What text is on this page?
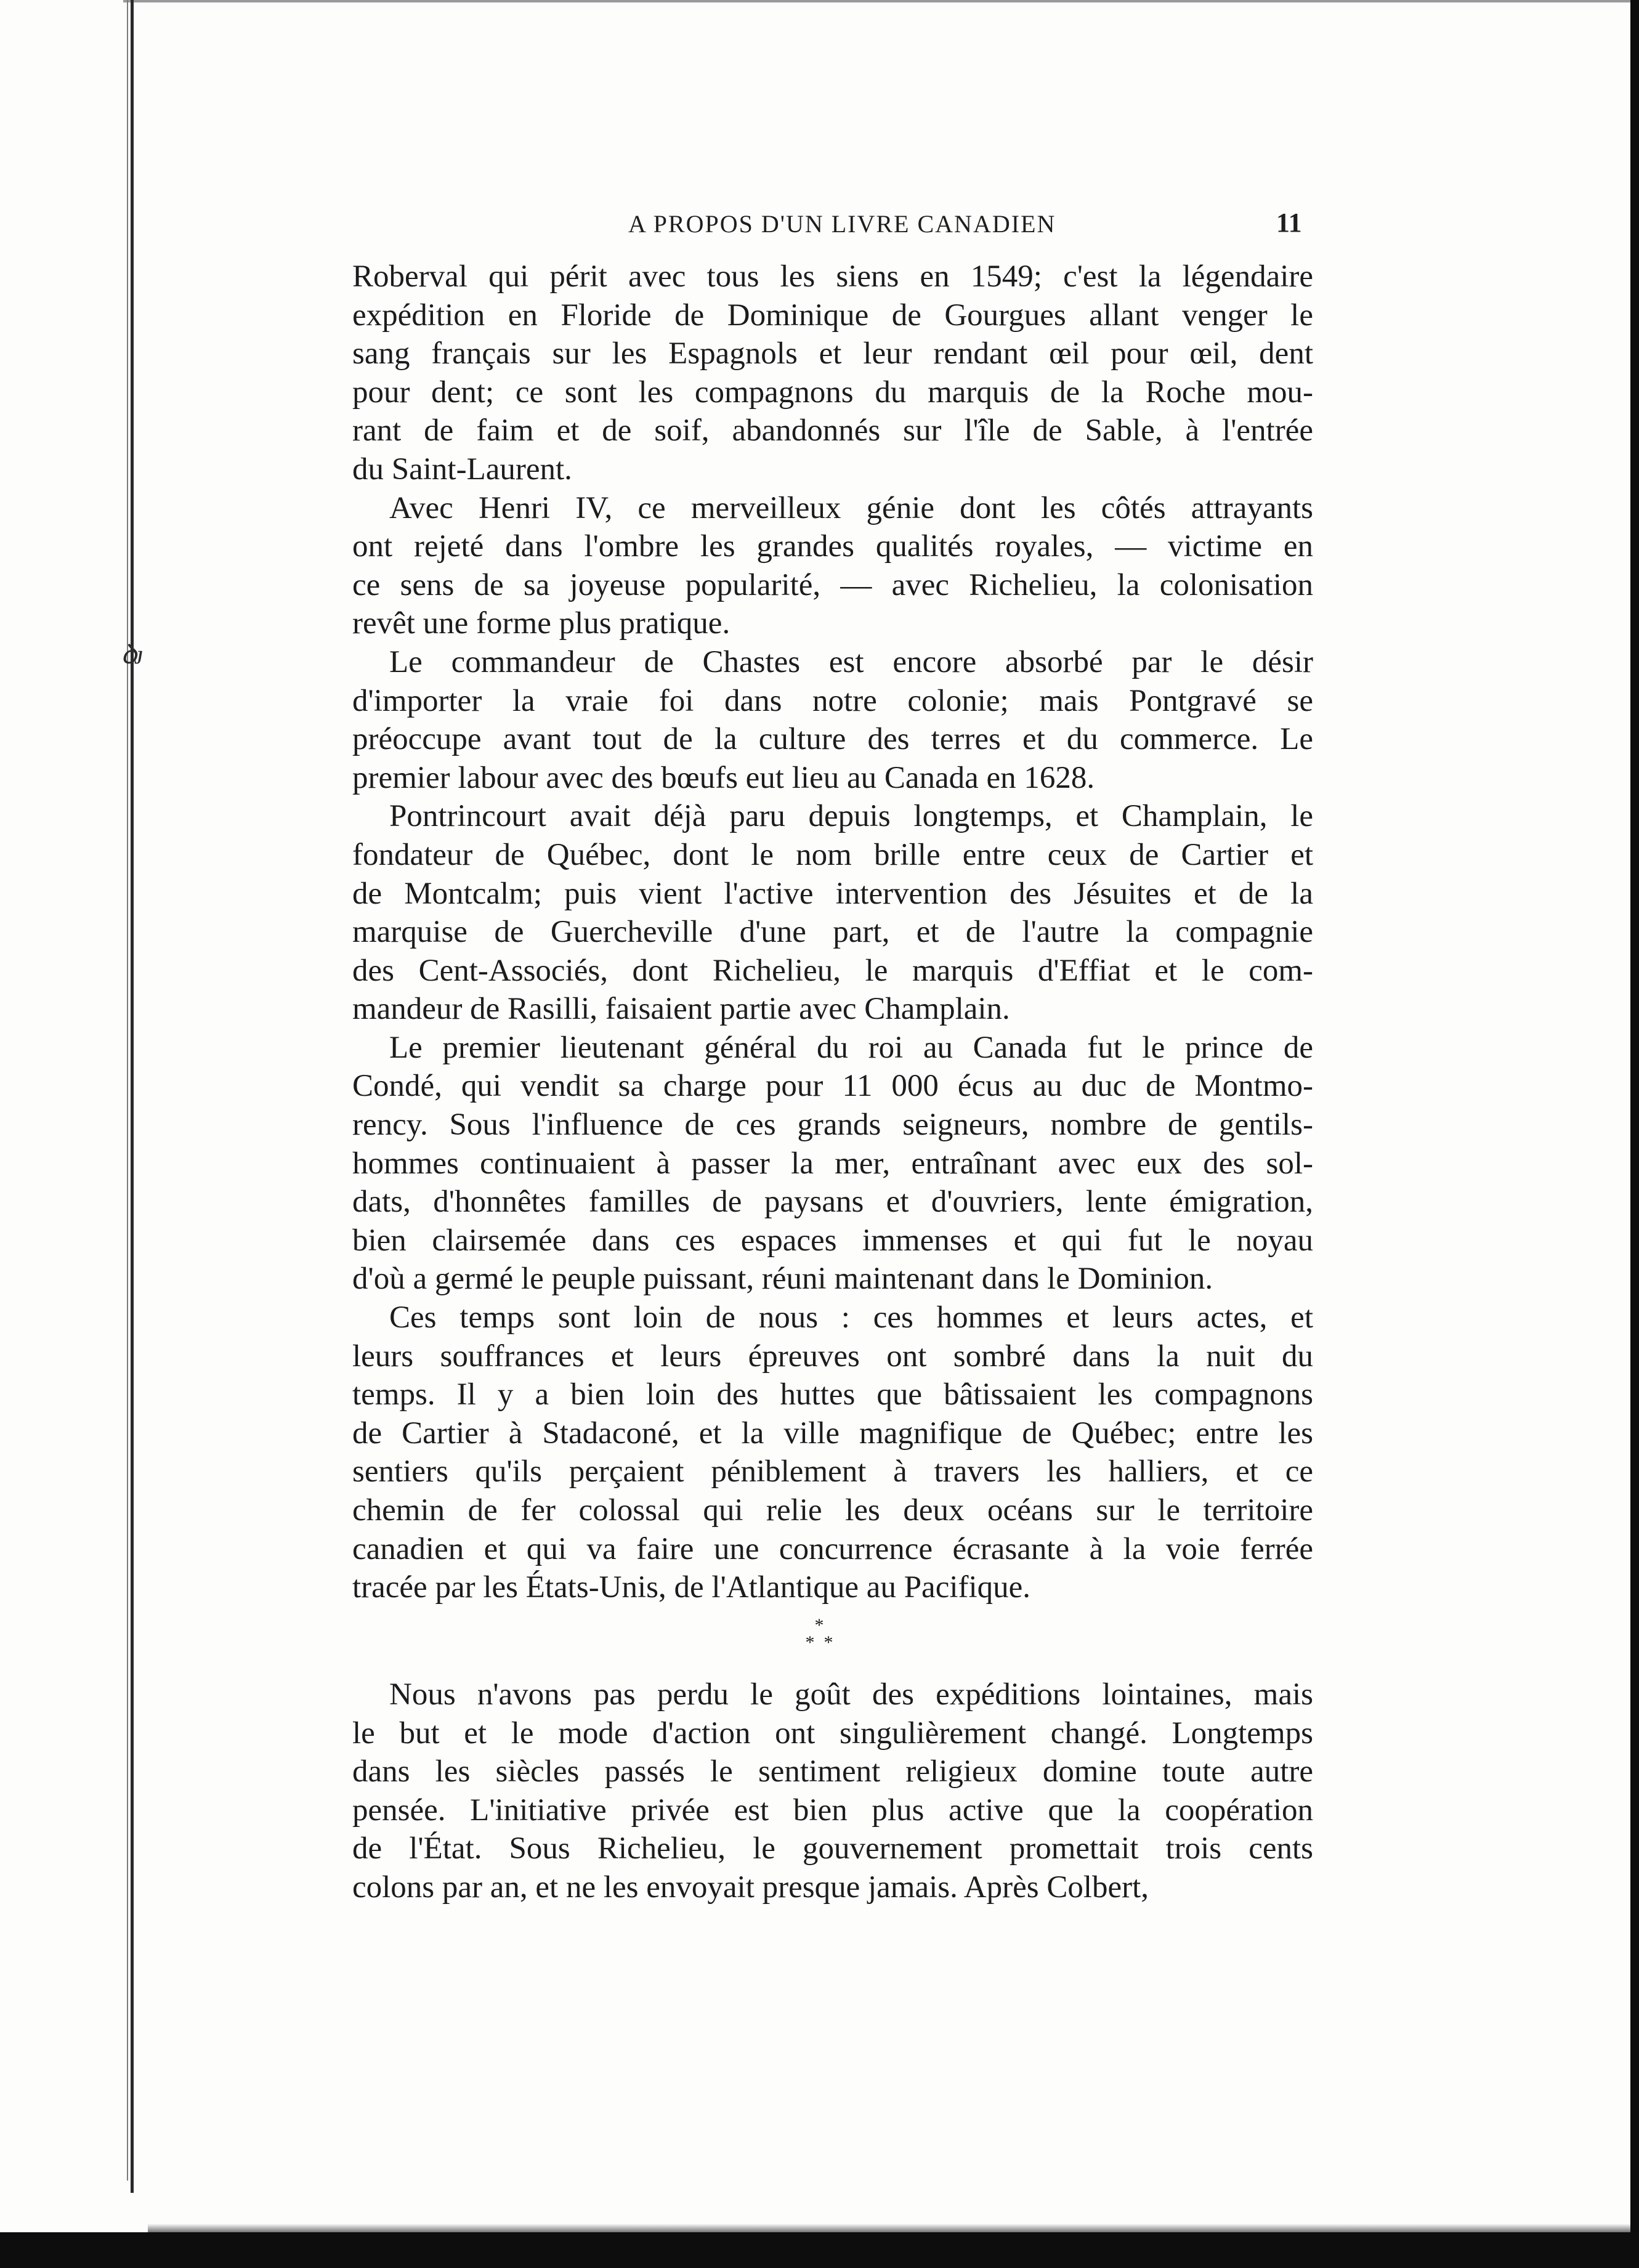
ꝺᴊ
A PROPOS D'UN LIVRE CANADIEN	11

Roberval qui périt avec tous les siens en 1549; c'est la légendaire

expédition en Floride de Dominique de Gourgues allant venger le

sang français sur les Espagnols et leur rendant œil pour œil, dent

pour dent; ce sont les compagnons du marquis de la Roche mou-

rant de faim et de soif, abandonnés sur l'île de Sable, à l'entrée

du Saint-Laurent.

Avec Henri IV, ce merveilleux génie dont les côtés attrayants

ont rejeté dans l'ombre les grandes qualités royales, — victime en

ce sens de sa joyeuse popularité, — avec Richelieu, la colonisation

revêt une forme plus pratique.

Le commandeur de Chastes est encore absorbé par le désir

d'importer la vraie foi dans notre colonie; mais Pontgravé se

préoccupe avant tout de la culture des terres et du commerce. Le

premier labour avec des bœufs eut lieu au Canada en 1628.

Pontrincourt avait déjà paru depuis longtemps, et Champlain, le

fondateur de Québec, dont le nom brille entre ceux de Cartier et

de Montcalm; puis vient l'active intervention des Jésuites et de la

marquise de Guercheville d'une part, et de l'autre la compagnie

des Cent-Associés, dont Richelieu, le marquis d'Effiat et le com-

mandeur de Rasilli, faisaient partie avec Champlain.

Le premier lieutenant général du roi au Canada fut le prince de

Condé, qui vendit sa charge pour 11 000 écus au duc de Montmo-

rency. Sous l'influence de ces grands seigneurs, nombre de gentils-

hommes continuaient à passer la mer, entraînant avec eux des sol-

dats, d'honnêtes familles de paysans et d'ouvriers, lente émigration,

bien clairsemée dans ces espaces immenses et qui fut le noyau

d'où a germé le peuple puissant, réuni maintenant dans le Dominion.

Ces temps sont loin de nous : ces hommes et leurs actes, et

leurs souffrances et leurs épreuves ont sombré dans la nuit du

temps. Il y a bien loin des huttes que bâtissaient les compagnons

de Cartier à Stadaconé, et la ville magnifique de Québec; entre les

sentiers qu'ils perçaient péniblement à travers les halliers, et ce

chemin de fer colossal qui relie les deux océans sur le territoire

canadien et qui va faire une concurrence écrasante à la voie ferrée

tracée par les États-Unis, de l'Atlantique au Pacifique.

*
*  *

Nous n'avons pas perdu le goût des expéditions lointaines, mais

le but et le mode d'action ont singulièrement changé. Longtemps

dans les siècles passés le sentiment religieux domine toute autre

pensée. L'initiative privée est bien plus active que la coopération

de l'État. Sous Richelieu, le gouvernement promettait trois cents

colons par an, et ne les envoyait presque jamais. Après Colbert,
